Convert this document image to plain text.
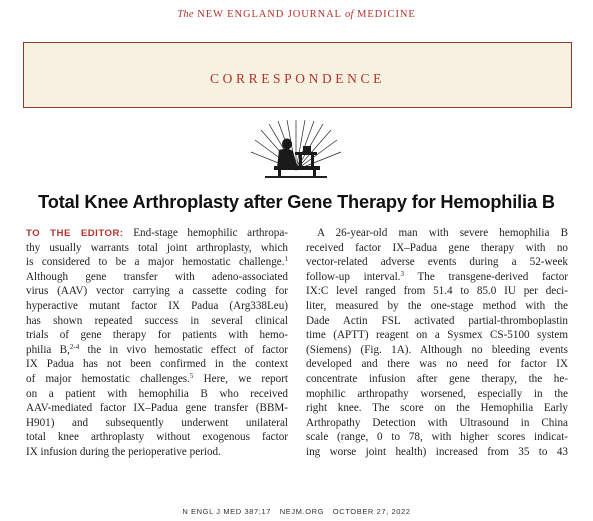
The NEW ENGLAND JOURNAL of MEDICINE
CORRESPONDENCE
Total Knee Arthroplasty after Gene Therapy for Hemophilia B
TO THE EDITOR: End-stage hemophilic arthropa-
thy usually warrants total joint arthroplasty, which
is considered to be a major hemostatic challenge.$^1$
Although gene transfer with adeno-associated
virus (AAV) vector carrying a cassette coding for
hyperactive mutant factor IX Padua (Arg338Leu)
has shown repeated success in several clinical
trials of gene therapy for patients with hemo-
philia B,$^{2-4}$ the in vivo hemostatic effect of factor
IX Padua has not been confirmed in the context
of major hemostatic challenges.$^5$ Here, we report
on a patient with hemophilia B who received
AAV-mediated factor IX–Padua gene transfer (BBM-
H901) and subsequently underwent unilateral
total knee arthroplasty without exogenous factor
IX infusion during the perioperative period.
A 26-year-old man with severe hemophilia B
received factor IX–Padua gene therapy with no
vector-related adverse events during a 52-week
follow-up interval.$^3$ The transgene-derived factor
IX:C level ranged from 51.4 to 85.0 IU per deci-
liter, measured by the one-stage method with the
Dade Actin FSL activated partial-thromboplastin
time (APTT) reagent on a Sysmex CS-5100 system
(Siemens) (Fig. 1A). Although no bleeding events
developed and there was no need for factor IX
concentrate infusion after gene therapy, the he-
mophilic arthropathy worsened, especially in the
right knee. The score on the Hemophilia Early
Arthropathy Detection with Ultrasound in China
scale (range, 0 to 78, with higher scores indicat-
ing worse joint health) increased from 35 to 43
N ENGL J MED 387;17 NEJM.ORG OCTOBER 27, 2022
